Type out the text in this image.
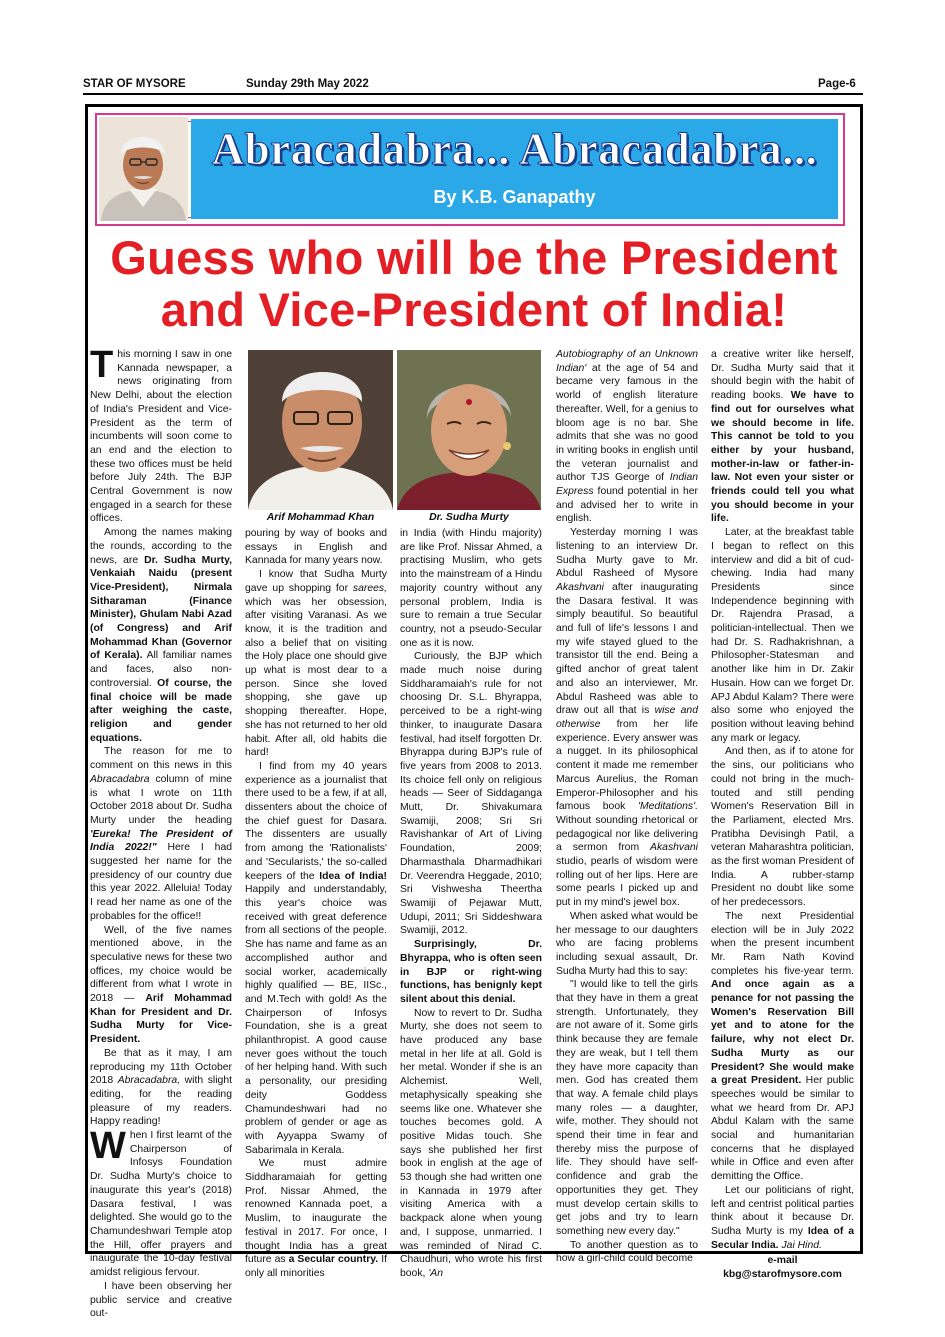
STAR OF MYSORE	Sunday 29th May 2022	Page-6
Abracadabra... Abracadabra...
By K.B. Ganapathy
Guess who will be the President
and Vice-President of India!

This morning I saw in one Kannada newspaper, a news originating from New Delhi, about the election of India's President and Vice-President as the term of incumbents will soon come to an end and the election to these two offices must be held before July 24th. The BJP Central Government is now engaged in a search for these offices.

Among the names making the rounds, according to the news, are Dr. Sudha Murty, Venkaiah Naidu (present Vice-President), Nirmala Sitharaman (Finance Minister), Ghulam Nabi Azad (of Congress) and Arif Mohammad Khan (Governor of Kerala). All familiar names and faces, also non-controversial. Of course, the final choice will be made after weighing the caste, religion and gender equations.

The reason for me to comment on this news in this Abracadabra column of mine is what I wrote on 11th October 2018 about Dr. Sudha Murty under the heading 'Eureka! The President of India 2022!" Here I had suggested her name for the presidency of our country due this year 2022. Alleluia! Today I read her name as one of the probables for the office!!

Well, of the five names mentioned above, in the speculative news for these two offices, my choice would be different from what I wrote in 2018 — Arif Mohammad Khan for President and Dr. Sudha Murty for Vice-President.

Be that as it may, I am reproducing my 11th October 2018 Abracadabra, with slight editing, for the reading pleasure of my readers. Happy reading!

When I first learnt of the Chairperson of Infosys Foundation Dr. Sudha Murty's choice to inaugurate this year's (2018) Dasara festival, I was delighted. She would go to the Chamundeshwari Temple atop the Hill, offer prayers and inaugurate the 10-day festival amidst religious fervour.

I have been observing her public service and creative out-

Arif Mohammad Khan	Dr. Sudha Murty

pouring by way of books and essays in English and Kannada for many years now.

I know that Sudha Murty gave up shopping for sarees, which was her obsession, after visiting Varanasi. As we know, it is the tradition and also a belief that on visiting the Holy place one should give up what is most dear to a person. Since she loved shopping, she gave up shopping thereafter. Hope, she has not returned to her old habit. After all, old habits die hard!

I find from my 40 years experience as a journalist that there used to be a few, if at all, dissenters about the choice of the chief guest for Dasara. The dissenters are usually from among the 'Rationalists' and 'Secularists,' the so-called keepers of the Idea of India! Happily and understandably, this year's choice was received with great deference from all sections of the people. She has name and fame as an accomplished author and social worker, academically highly qualified — BE, IISc., and M.Tech with gold! As the Chairperson of Infosys Foundation, she is a great philanthropist. A good cause never goes without the touch of her helping hand. With such a personality, our presiding deity Goddess Chamundeshwari had no problem of gender or age as with Ayyappa Swamy of Sabarimala in Kerala.

We must admire Siddharamaiah for getting Prof. Nissar Ahmed, the renowned Kannada poet, a Muslim, to inaugurate the festival in 2017. For once, I thought India has a great future as a Secular country. If only all minorities

in India (with Hindu majority) are like Prof. Nissar Ahmed, a practising Muslim, who gets into the mainstream of a Hindu majority country without any personal problem, India is sure to remain a true Secular country, not a pseudo-Secular one as it is now.

Curiously, the BJP which made much noise during Siddharamaiah's rule for not choosing Dr. S.L. Bhyrappa, perceived to be a right-wing thinker, to inaugurate Dasara festival, had itself forgotten Dr. Bhyrappa during BJP's rule of five years from 2008 to 2013. Its choice fell only on religious heads — Seer of Siddaganga Mutt, Dr. Shivakumara Swamiji, 2008; Sri Sri Ravishankar of Art of Living Foundation, 2009; Dharmasthala Dharmadhikari Dr. Veerendra Heggade, 2010; Sri Vishwesha Theertha Swamiji of Pejawar Mutt, Udupi, 2011; Sri Siddeshwara Swamiji, 2012.

Surprisingly, Dr. Bhyrappa, who is often seen in BJP or right-wing functions, has benignly kept silent about this denial.

Now to revert to Dr. Sudha Murty, she does not seem to have produced any base metal in her life at all. Gold is her metal. Wonder if she is an Alchemist. Well, metaphysically speaking she seems like one. Whatever she touches becomes gold. A positive Midas touch. She says she published her first book in english at the age of 53 though she had written one in Kannada in 1979 after visiting America with a backpack alone when young and, I suppose, unmarried. I was reminded of Nirad C. Chaudhuri, who wrote his first book, 'An

Autobiography of an Unknown Indian' at the age of 54 and became very famous in the world of english literature thereafter. Well, for a genius to bloom age is no bar. She admits that she was no good in writing books in english until the veteran journalist and author TJS George of Indian Express found potential in her and advised her to write in english.

Yesterday morning I was listening to an interview Dr. Sudha Murty gave to Mr. Abdul Rasheed of Mysore Akashvani after inaugurating the Dasara festival. It was simply beautiful. So beautiful and full of life's lessons I and my wife stayed glued to the transistor till the end. Being a gifted anchor of great talent and also an interviewer, Mr. Abdul Rasheed was able to draw out all that is wise and otherwise from her life experience. Every answer was a nugget. In its philosophical content it made me remember Marcus Aurelius, the Roman Emperor-Philosopher and his famous book 'Meditations'. Without sounding rhetorical or pedagogical nor like delivering a sermon from Akashvani studio, pearls of wisdom were rolling out of her lips. Here are some pearls I picked up and put in my mind's jewel box.

When asked what would be her message to our daughters who are facing problems including sexual assault, Dr. Sudha Murty had this to say:

"I would like to tell the girls that they have in them a great strength. Unfortunately, they are not aware of it. Some girls think because they are female they are weak, but I tell them they have more capacity than men. God has created them that way. A female child plays many roles — a daughter, wife, mother. They should not spend their time in fear and thereby miss the purpose of life. They should have self-confidence and grab the opportunities they get. They must develop certain skills to get jobs and try to learn something new every day."

To another question as to how a girl-child could become

a creative writer like herself, Dr. Sudha Murty said that it should begin with the habit of reading books. We have to find out for ourselves what we should become in life. This cannot be told to you either by your husband, mother-in-law or father-in-law. Not even your sister or friends could tell you what you should become in your life.

Later, at the breakfast table I began to reflect on this interview and did a bit of cud-chewing. India had many Presidents since Independence beginning with Dr. Rajendra Prasad, a politician-intellectual. Then we had Dr. S. Radhakrishnan, a Philosopher-Statesman and another like him in Dr. Zakir Husain. How can we forget Dr. APJ Abdul Kalam? There were also some who enjoyed the position without leaving behind any mark or legacy.

And then, as if to atone for the sins, our politicians who could not bring in the much-touted and still pending Women's Reservation Bill in the Parliament, elected Mrs. Pratibha Devisingh Patil, a veteran Maharashtra politician, as the first woman President of India. A rubber-stamp President no doubt like some of her predecessors.

The next Presidential election will be in July 2022 when the present incumbent Mr. Ram Nath Kovind completes his five-year term. And once again as a penance for not passing the Women's Reservation Bill yet and to atone for the failure, why not elect Dr. Sudha Murty as our President? She would make a great President. Her public speeches would be similar to what we heard from Dr. APJ Abdul Kalam with the same social and humanitarian concerns that he displayed while in Office and even after demitting the Office.

Let our politicians of right, left and centrist political parties think about it because Dr. Sudha Murty is my Idea of a Secular India. Jai Hind.

e-mail
kbg@starofmysore.com
